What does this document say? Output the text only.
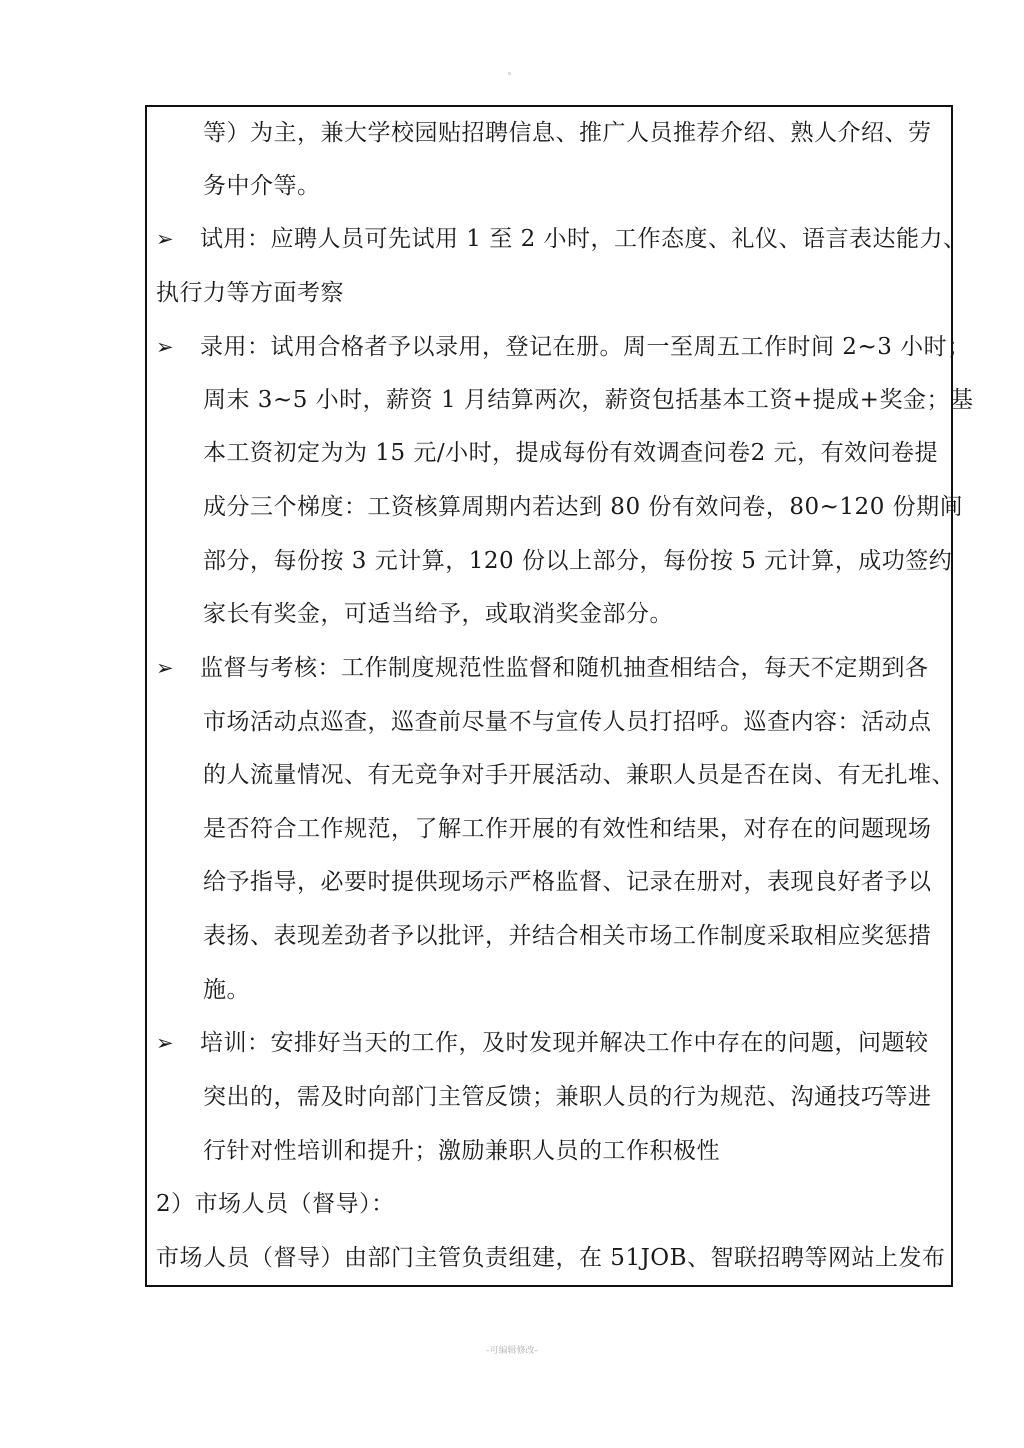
等）为主，兼大学校园贴招聘信息、推广人员推荐介绍、熟人介绍、劳
务中介等。
➢ 试用：应聘人员可先试用 1 至 2 小时，工作态度、礼仪、语言表达能力、
执行力等方面考察
➢ 录用：试用合格者予以录用，登记在册。周一至周五工作时间 2~3 小时；
周末 3~5 小时，薪资 1 月结算两次，薪资包括基本工资+提成+奖金；基
本工资初定为为 15 元/小时，提成每份有效调查问卷2 元，有效问卷提
成分三个梯度：工资核算周期内若达到 80 份有效问卷，80~120 份期间
部分，每份按 3 元计算，120 份以上部分，每份按 5 元计算，成功签约
家长有奖金，可适当给予，或取消奖金部分。
➢ 监督与考核：工作制度规范性监督和随机抽查相结合，每天不定期到各
市场活动点巡查，巡查前尽量不与宣传人员打招呼。巡查内容：活动点
的人流量情况、有无竞争对手开展活动、兼职人员是否在岗、有无扎堆、
是否符合工作规范，了解工作开展的有效性和结果，对存在的问题现场
给予指导，必要时提供现场示严格监督、记录在册对，表现良好者予以
表扬、表现差劲者予以批评，并结合相关市场工作制度采取相应奖惩措
施。
➢ 培训：安排好当天的工作，及时发现并解决工作中存在的问题，问题较
突出的，需及时向部门主管反馈；兼职人员的行为规范、沟通技巧等进
行针对性培训和提升；激励兼职人员的工作积极性
2）市场人员（督导）：
市场人员（督导）由部门主管负责组建，在 51JOB、智联招聘等网站上发布
-可编辑修改-
